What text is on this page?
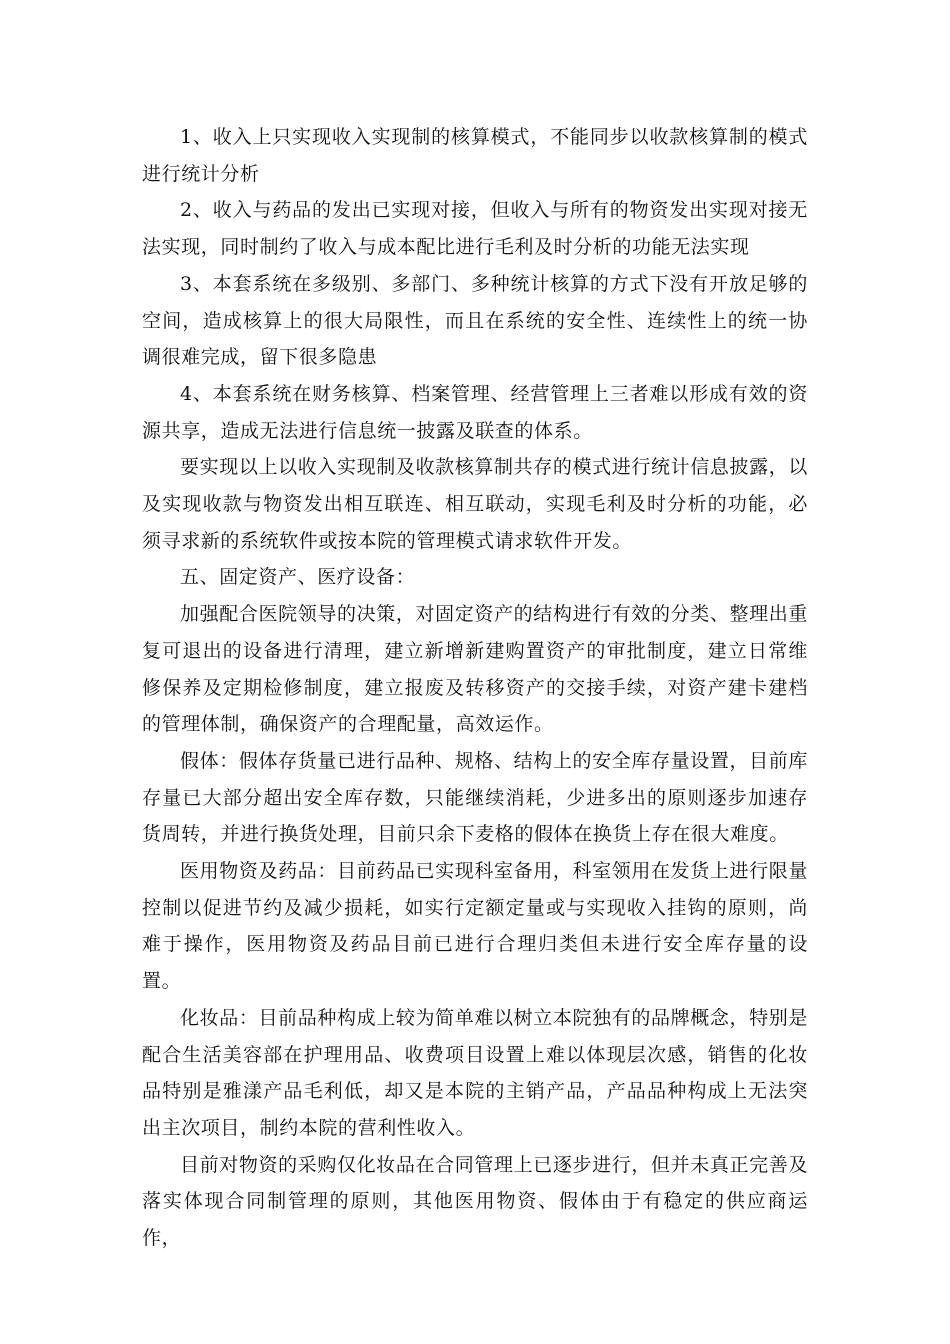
1、收入上只实现收入实现制的核算模式，不能同步以收款核算制的模式进行统计分析

2、收入与药品的发出已实现对接，但收入与所有的物资发出实现对接无法实现，同时制约了收入与成本配比进行毛利及时分析的功能无法实现

3、本套系统在多级别、多部门、多种统计核算的方式下没有开放足够的空间，造成核算上的很大局限性，而且在系统的安全性、连续性上的统一协调很难完成，留下很多隐患

4、本套系统在财务核算、档案管理、经营管理上三者难以形成有效的资源共享，造成无法进行信息统一披露及联查的体系。

要实现以上以收入实现制及收款核算制共存的模式进行统计信息披露，以及实现收款与物资发出相互联连、相互联动，实现毛利及时分析的功能，必须寻求新的系统软件或按本院的管理模式请求软件开发。

五、固定资产、医疗设备：

加强配合医院领导的决策，对固定资产的结构进行有效的分类、整理出重复可退出的设备进行清理，建立新增新建购置资产的审批制度，建立日常维修保养及定期检修制度，建立报废及转移资产的交接手续，对资产建卡建档的管理体制，确保资产的合理配量，高效运作。

假体：假体存货量已进行品种、规格、结构上的安全库存量设置，目前库存量已大部分超出安全库存数，只能继续消耗，少进多出的原则逐步加速存货周转，并进行换货处理，目前只余下麦格的假体在换货上存在很大难度。

医用物资及药品：目前药品已实现科室备用，科室领用在发货上进行限量控制以促进节约及减少损耗，如实行定额定量或与实现收入挂钩的原则，尚难于操作，医用物资及药品目前已进行合理归类但未进行安全库存量的设置。

化妆品：目前品种构成上较为简单难以树立本院独有的品牌概念，特别是配合生活美容部在护理用品、收费项目设置上难以体现层次感，销售的化妆品特别是雅漾产品毛利低，却又是本院的主销产品，产品品种构成上无法突出主次项目，制约本院的营利性收入。

目前对物资的采购仅化妆品在合同管理上已逐步进行，但并未真正完善及落实体现合同制管理的原则，其他医用物资、假体由于有稳定的供应商运作，
